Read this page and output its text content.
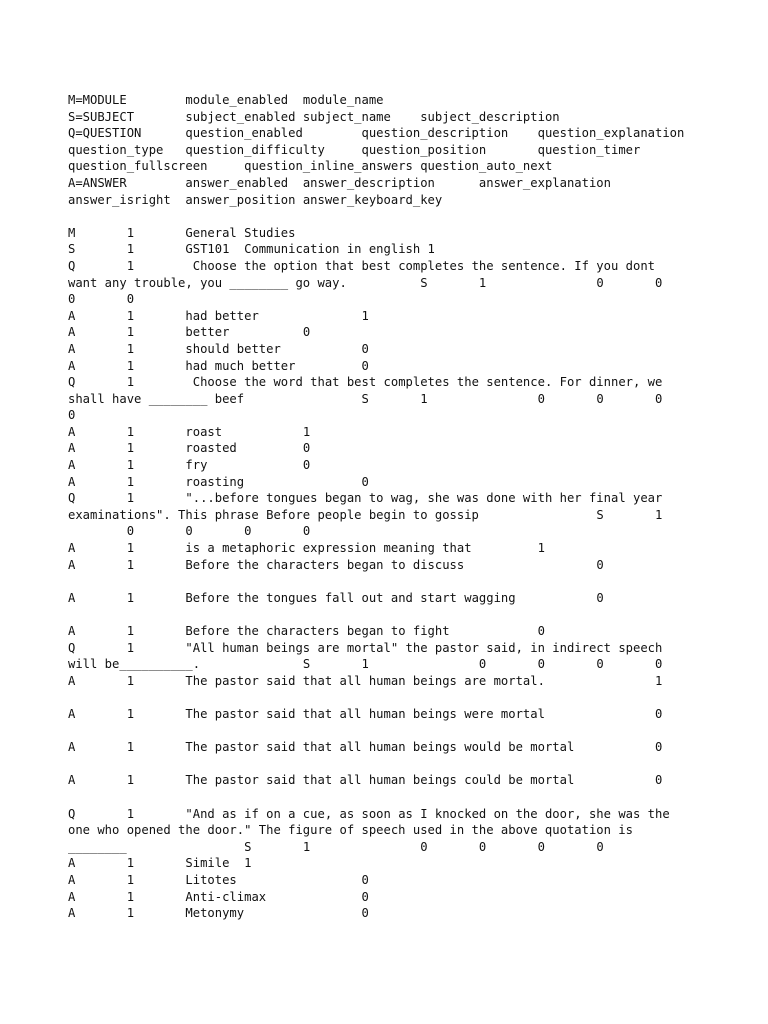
M=MODULE	module_enabled	module_name
S=SUBJECT	subject_enabled	subject_name	subject_description
Q=QUESTION	question_enabled	question_description	question_explanation
question_type	question_difficulty	question_position	question_timer
question_fullscreen	question_inline_answers	question_auto_next
A=ANSWER	answer_enabled	answer_description	answer_explanation
answer_isright	answer_position	answer_keyboard_key
M	1	General Studies
S	1	GST101  Communication in english 1
Q	1	Choose the option that best completes the sentence. If you dont
want any trouble, you ________ go way.		S	1		0	0
0	0
A	1	had better		1
A	1	better		0
A	1	should better		0
A	1	had much better		0
Q	1	Choose the word that best completes the sentence. For dinner, we
shall have ________ beef		S	1		0	0	0
0
A	1	roast		1
A	1	roasted		0
A	1	fry		0
A	1	roasting		0
Q	1	"...before tongues began to wag, she was done with her final year
examinations". This phrase Before people begin to gossip		S	1
	0	0	0	0
A	1	is a metaphoric expression meaning that		1
A	1	Before the characters began to discuss			0
A	1	Before the tongues fall out and start wagging		0
A	1	Before the characters began to fight		0
Q	1	"All human beings are mortal" the pastor said, in indirect speech
will be__________.		S	1		0	0	0	0
A	1	The pastor said that all human beings are mortal.		1
A	1	The pastor said that all human beings were mortal		0
A	1	The pastor said that all human beings would be mortal		0
A	1	The pastor said that all human beings could be mortal		0
Q	1	"And as if on a cue, as soon as I knocked on the door, she was the
one who opened the door." The figure of speech used in the above quotation is
________		S	1		0	0	0	0
A	1	Simile	1
A	1	Litotes			0
A	1	Anti-climax		0
A	1	Metonymy		0
